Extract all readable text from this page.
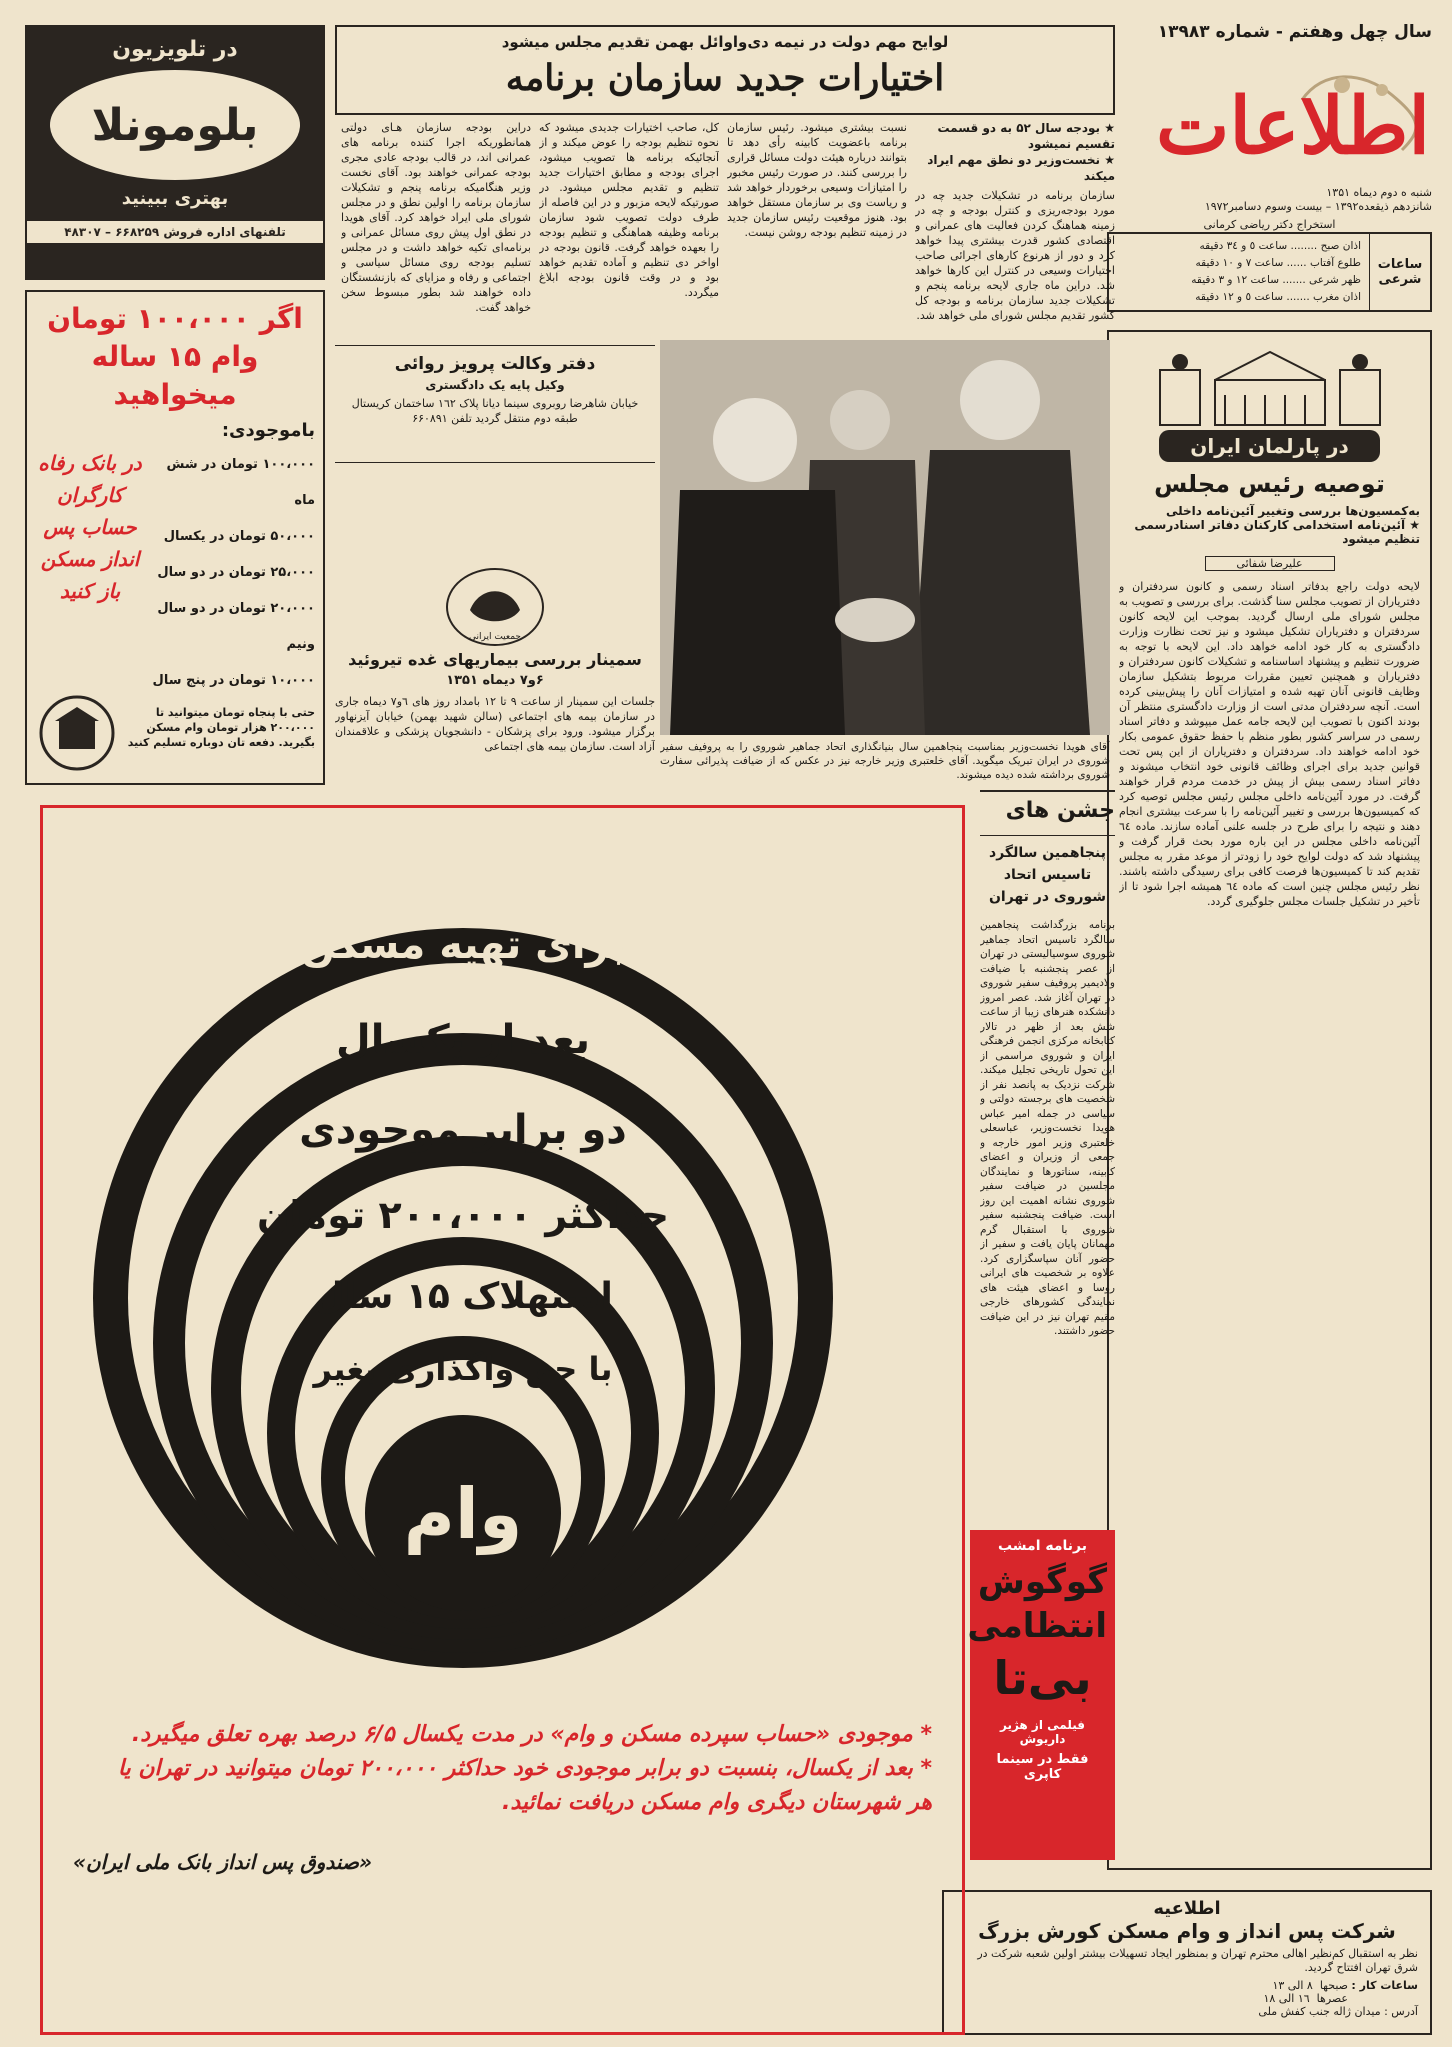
سال چهل وهفتم - شماره ۱۳۹۸۳
اطلاعات
شنبه ه دوم دیماه ۱۳۵۱
شانزدهم ذیقعده۱۳۹۲ – بیست وسوم دسامبر۱۹۷۲
استخراج دکتر ریاضی کرمانی
ساعات شرعی
اذان صبح ........ ساعت ٥ و ٣٤ دقیقه
طلوع آفتاب ...... ساعت ٧ و ١٠ دقیقه
ظهر شرعی ....... ساعت ١٢ و ٣ دقیقه
اذان مغرب ....... ساعت ٥ و ١٢ دقیقه
در پارلمان ایران
توصیه رئیس مجلس
به‌کمسیون‌ها بررسی وتغییر آئین‌نامه داخلی
★ آئین‌نامه استخدامی کارکنان دفاتر اسنادرسمی تنظیم میشود
علیرضا شفائی
لایحه دولت راجع بدفاتر اسناد رسمی و کانون‌ سردفتران و دفتریاران از تصویب مجلس سنا گذشت. برای بررسی و تصویب به مجلس شورای ملی ارسال گردید. بموجب این لایحه کانون سردفتران و دفتریاران تشکیل میشود و نیز تحت نظارت وزارت دادگستری به کار خود ادامه خواهد داد. این لایحه با توجه به ضرورت تنظیم و پیشنهاد اساسنامه و تشکیلات کانون سردفتران و دفتریاران و همچنین تعیین مقررات مربوط بتشکیل سازمان وظایف قانونی آنان تهیه شده و امتیازات آنان را پیش‌بینی کرده است. آنچه سردفتران مدتی است از وزارت دادگستری منتظر آن بودند اکنون با تصویب این لایحه جامه عمل میپوشد و دفاتر اسناد رسمی در سراسر کشور بطور منظم با حفظ حقوق عمومی بکار خود ادامه خواهند داد. سردفتران و دفتریاران از این پس تحت قوانین جدید برای اجرای وظائف قانونی خود انتخاب میشوند و دفاتر اسناد رسمی بیش از پیش در خدمت مردم قرار خواهند گرفت. در مورد آئین‌نامه داخلی مجلس رئیس مجلس توصیه کرد که کمیسیون‌ها بررسی و تغییر آئین‌نامه را با سرعت بیشتری انجام دهند و نتیجه را برای طرح در جلسه علنی آماده سازند. ماده ٦٤ آئین‌نامه داخلی مجلس در این باره مورد بحث قرار گرفت و پیشنهاد شد که دولت لوایح خود را زودتر از موعد مقرر به مجلس تقدیم کند تا کمیسیون‌ها فرصت کافی برای رسیدگی داشته باشند. نظر رئیس مجلس چنین است که ماده ٦٤ همیشه اجرا شود تا از تأخیر در تشکیل جلسات مجلس جلوگیری گردد.
اطلاعیه
شرکت پس انداز و وام مسکن کورش بزرگ
نظر به استقبال کم‌نظیر اهالی محترم تهران و بمنظور ایجاد تسهیلات بیشتر اولین شعبه شرکت در شرق تهران افتتاح گردید.
ساعات کار :
صبحها  ٨ الی ١٣
عصرها  ١٦ الی ١٨
آدرس : میدان ژاله جنب کفش ملی
لوایح مهم دولت در نیمه دی‌واوائل بهمن تقدیم مجلس میشود
اختیارات جدید سازمان برنامه
★ بودجه سال ۵۲ به دو قسمت تقسیم نمیشود
★ نخست‌وزیر دو نطق مهم ایراد میکند
سازمان برنامه در تشکیلات جدید چه در مورد بودجه‌ریزی و کنترل بودجه و چه در زمینه هماهنگ کردن فعالیت های عمرانی و اقتصادی کشور قدرت بیشتری پیدا خواهد کرد و دور از هرنوع کارهای اجرائی صاحب اختیارات وسیعی در کنترل این کارها خواهد شد. دراین ماه جاری لایحه برنامه پنجم و تشکیلات جدید سازمان برنامه و بودجه کل کشور تقدیم مجلس شورای ملی خواهد شد.
نسبت بیشتری میشود. رئیس سازمان برنامه باعضویت کابینه رأی دهد تا بتوانند درباره هیئت دولت مسائل قراری را بررسی کنند. در صورت رئیس مخبور را امتیازات وسیعی برخوردار خواهد شد و ریاست وی بر سازمان مستقل خواهد بود. هنوز موقعیت رئیس سازمان جدید در زمینه تنظیم بودجه روشن نیست.
کل، صاحب اختیارات جدیدی میشود که نحوه تنظیم بودجه را عوض میکند و از آنجائیکه برنامه ها تصویب میشود، اجرای بودجه و مطابق اختیارات جدید تنظیم و تقدیم مجلس میشود. در صورتیکه لایحه مزبور و در این فاصله از طرف دولت تصویب شود سازمان برنامه وظیفه هماهنگی و تنظیم بودجه را بعهده خواهد گرفت. قانون بودجه در اواخر دی تنظیم و آماده تقدیم خواهد بود و در وقت قانون بودجه ابلاغ میگردد.
دراین بودجه سازمان هـای دولتی همانطوریکه اجرا کننده برنامه های عمرانی اند، در قالب بودجه عادی مجری بودجه عمرانی خواهند بود. آقای نخست وزیر هنگامیکه برنامه پنجم و تشکیلات سازمان برنامه را اولین نطق و در مجلس شورای ملی ایراد خواهد کرد. آقای هویدا در نطق اول پیش روی مسائل عمرانی و برنامه‌ای تکیه خواهد داشت و در مجلس تسلیم بودجه روی مسائل سیاسی و اجتماعی و رفاه و مزایای که بازنشستگان داده خواهند شد بطور مبسوط سخن خواهد گفت.
آقای هویدا نخست‌وزیر بمناسبت پنجاهمین سال بنیانگذاری اتحاد جماهیر شوروی را به پروفیف سفیر شوروی در ایران تبریک میگوید. آقای خلعتبری وزیر خارجه نیز در عکس که از ضیافت پذیرائی سفارت شوروی برداشته شده دیده میشوند.
دفتر وکالت پرویز روائی
وکیل پایه یک دادگستری
خیابان شاهرضا روبروی سینما دیانا پلاک ١٦٢ ساختمان کریستال طبقه دوم منتقل گردید تلفن ۶۶۰۸۹۱
جمعیت ایرانی
سمینار بررسی بیماریهای غده تیروئید
۶و۷ دیماه ۱۳۵۱
جلسات این سمینار از ساعت ۹ تا ۱۲ بامداد روز های ٦و٧ دیماه جاری در سازمان بیمه های اجتماعی (سالن شهید بهمن) خیابان آیزنهاور برگزار میشود. ورود برای پزشکان - دانشجویان پزشکی و علاقمندان آزاد است. سازمان بیمه های اجتماعی
در تلویزیون
بلومونلا
بهتری ببینید
تلفنهای اداره فروش ۶۶۸۲۵۹ – ۴۸۳۰۷
اگر ۱۰۰،۰۰۰ تومان وام ۱۵ ساله میخواهید
باموجودی:
۱۰۰،۰۰۰ تومان در شش ماه
۵۰،۰۰۰ تومان در یکسال
۲۵،۰۰۰ تومان در دو سال
۲۰،۰۰۰ تومان در دو سال ونیم
۱۰،۰۰۰ تومان در پنج سال
در بانک رفاه کارگران حساب پس انداز مسکن باز کنید
حتی با پنجاه تومان میتوانید تا ۲۰۰،۰۰۰ هزار تومان وام مسکن بگیرید. دفعه تان دوباره تسلیم کنید
جشن های
پنجاهمین سالگرد تاسیس اتحاد شوروی در تهران
برنامه بزرگداشت پنجاهمین سالگرد تاسیس اتحاد جماهیر شوروی سوسیالیستی در تهران از عصر پنجشنبه با ضیافت ولادیمیر پروفیف سفیر شوروی در تهران آغاز شد. عصر امروز دانشکده هنرهای زیبا از ساعت شش بعد از ظهر در تالار کتابخانه مرکزی انجمن فرهنگی ایران و شوروی مراسمی از این تحول تاریخی تجلیل میکند. شرکت نزدیک به پانصد نفر از شخصیت های برجسته دولتی و سیاسی در جمله امیر عباس هویدا نخست‌وزیر، عباسعلی خلعتبری وزیر امور خارجه و جمعی از وزیران و اعضای کابینه، سناتورها و نمایندگان مجلسین در ضیافت سفیر شوروی نشانه اهمیت این روز است. ضیافت پنجشنبه سفیر شوروی با استقبال گرم مهمانان پایان یافت و سفیر از حضور آنان سپاسگزاری کرد. علاوه بر شخصیت های ایرانی روسا و اعضای هیئت های نمایندگی کشورهای خارجی مقیم تهران نیز در این ضیافت حضور داشتند.
برنامه امشب
گوگوش
انتظامی
بی‌تا
فیلمی از هژیر داریوش
فقط در سینما کاپری
برای تهیه مسکن
بعد از یکسال
دو برابر موجودی
حداکثر ۲۰۰،۰۰۰ تومان
استهلاک ۱۵ سال
با حق واگذاری بغیر
وام
* موجودی «حساب سپرده مسکن و وام» در مدت یکسال ۶/۵ درصد بهره تعلق میگیرد.
* بعد از یکسال، بنسبت دو برابر موجودی خود حداکثر ۲۰۰،۰۰۰ تومان میتوانید در تهران یا
هر شهرستان دیگری وام مسکن دریافت نمائید.
«صندوق پس انداز بانک ملی ایران»
